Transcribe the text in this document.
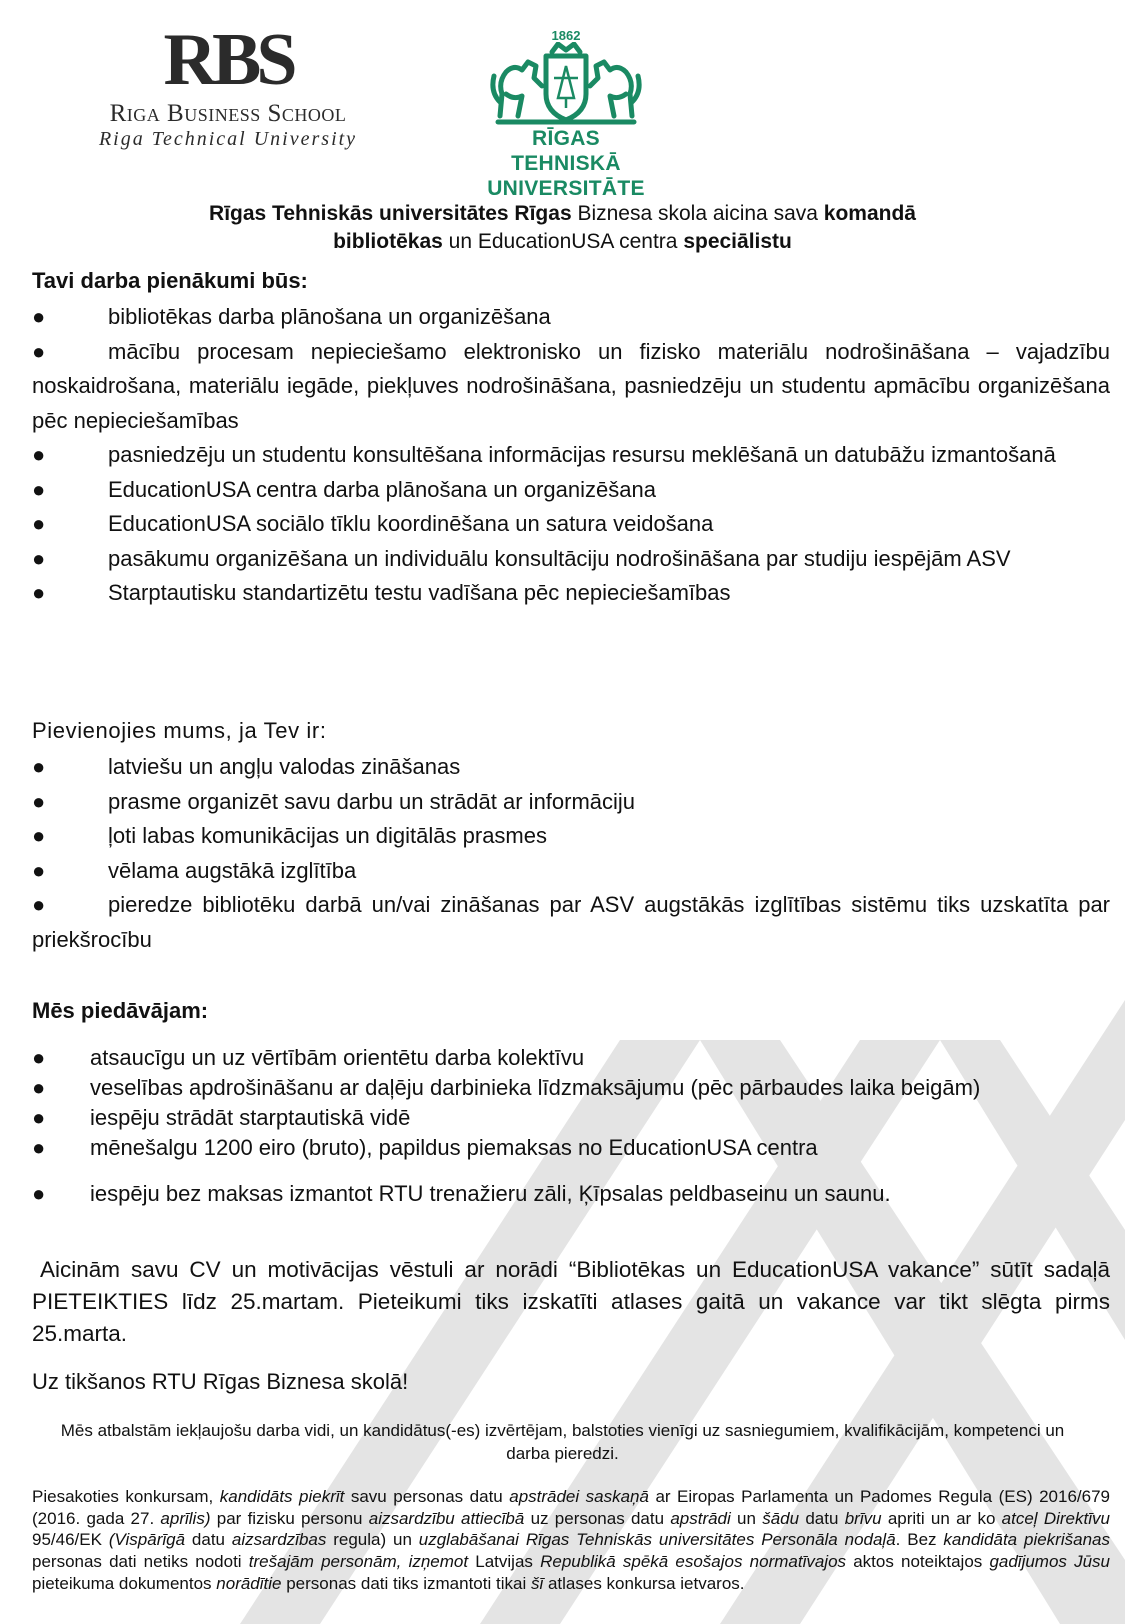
RBS
Riga Business School
Riga Technical University
1862
RĪGAS TEHNISKĀ
UNIVERSITĀTE
Rīgas Tehniskās universitātes Rīgas Biznesa skola aicina sava komandā
bibliotēkas un EducationUSA centra speciālistu
Tavi darba pienākumi būs:
●	bibliotēkas darba plānošana un organizēšana
●	mācību procesam nepieciešamo elektronisko un fizisko materiālu nodrošināšana – vajadzību noskaidrošana, materiālu iegāde, piekļuves nodrošināšana, pasniedzēju un studentu apmācību organizēšana pēc nepieciešamības
●	pasniedzēju un studentu konsultēšana informācijas resursu meklēšanā un datubāžu izmantošanā
●	EducationUSA centra darba plānošana un organizēšana
●	EducationUSA sociālo tīklu koordinēšana un satura veidošana
●	pasākumu organizēšana un individuālu konsultāciju nodrošināšana par studiju iespējām ASV
●	Starptautisku standartizētu testu vadīšana pēc nepieciešamības
Pievienojies mums, ja Tev ir:
●	latviešu un angļu valodas zināšanas
●	prasme organizēt savu darbu un strādāt ar informāciju
●	ļoti labas komunikācijas un digitālās prasmes
●	vēlama augstākā izglītība
●	pieredze bibliotēku darbā un/vai zināšanas par ASV augstākās izglītības sistēmu tiks uzskatīta par priekšrocību
Mēs piedāvājam:
● atsaucīgu un uz vērtībām orientētu darba kolektīvu
● veselības apdrošināšanu ar daļēju darbinieka līdzmaksājumu (pēc pārbaudes laika beigām)
● iespēju strādāt starptautiskā vidē
● mēnešalgu 1200 eiro (bruto), papildus piemaksas no EducationUSA centra
● iespēju bez maksas izmantot RTU trenažieru zāli, Ķīpsalas peldbaseinu un saunu.
Aicinām savu CV un motivācijas vēstuli ar norādi “Bibliotēkas un EducationUSA vakance” sūtīt sadaļā PIETEIKTIES līdz 25.martam. Pieteikumi tiks izskatīti atlases gaitā un vakance var tikt slēgta pirms 25.marta.
Uz tikšanos RTU Rīgas Biznesa skolā!
Mēs atbalstām iekļaujošu darba vidi, un kandidātus(-es) izvērtējam, balstoties vienīgi uz sasniegumiem, kvalifikācijām, kompetenci un darba pieredzi.
Piesakoties konkursam, kandidāts piekrīt savu personas datu apstrādei saskaņā ar Eiropas Parlamenta un Padomes Regula (ES) 2016/679 (2016. gada 27. aprīlis) par fizisku personu aizsardzību attiecībā uz personas datu apstrādi un šādu datu brīvu apriti un ar ko atceļ Direktīvu 95/46/EK (Vispārīgā datu aizsardzības regula) un uzglabāšanai Rīgas Tehniskās universitātes Personāla nodaļā. Bez kandidāta piekrišanas personas dati netiks nodoti trešajām personām, izņemot Latvijas Republikā spēkā esošajos normatīvajos aktos noteiktajos gadījumos Jūsu pieteikuma dokumentos norādītie personas dati tiks izmantoti tikai šī atlases konkursa ietvaros.
